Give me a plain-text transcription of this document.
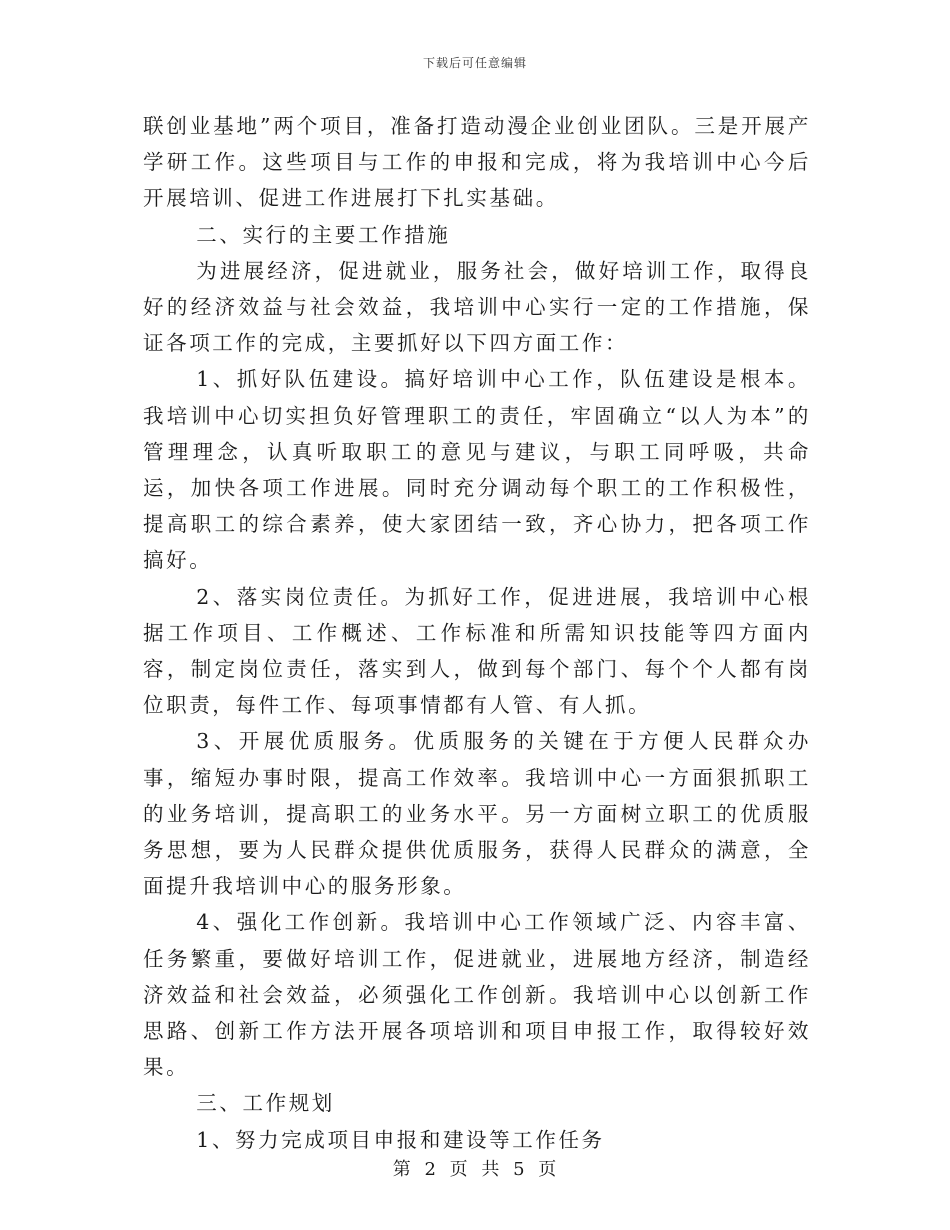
下载后可任意编辑

联创业基地”两个项目，准备打造动漫企业创业团队。三是开展产学研工作。这些项目与工作的申报和完成，将为我培训中心今后开展培训、促进工作进展打下扎实基础。

二、实行的主要工作措施

为进展经济，促进就业，服务社会，做好培训工作，取得良好的经济效益与社会效益，我培训中心实行一定的工作措施，保证各项工作的完成，主要抓好以下四方面工作：

1、抓好队伍建设。搞好培训中心工作，队伍建设是根本。我培训中心切实担负好管理职工的责任，牢固确立“以人为本”的管理理念，认真听取职工的意见与建议，与职工同呼吸，共命运，加快各项工作进展。同时充分调动每个职工的工作积极性，提高职工的综合素养，使大家团结一致，齐心协力，把各项工作搞好。

2、落实岗位责任。为抓好工作，促进进展，我培训中心根据工作项目、工作概述、工作标准和所需知识技能等四方面内容，制定岗位责任，落实到人，做到每个部门、每个个人都有岗位职责，每件工作、每项事情都有人管、有人抓。

3、开展优质服务。优质服务的关键在于方便人民群众办事，缩短办事时限，提高工作效率。我培训中心一方面狠抓职工的业务培训，提高职工的业务水平。另一方面树立职工的优质服务思想，要为人民群众提供优质服务，获得人民群众的满意，全面提升我培训中心的服务形象。

4、强化工作创新。我培训中心工作领域广泛、内容丰富、任务繁重，要做好培训工作，促进就业，进展地方经济，制造经济效益和社会效益，必须强化工作创新。我培训中心以创新工作思路、创新工作方法开展各项培训和项目申报工作，取得较好效果。

三、工作规划

1、努力完成项目申报和建设等工作任务

第 2 页 共 5 页
